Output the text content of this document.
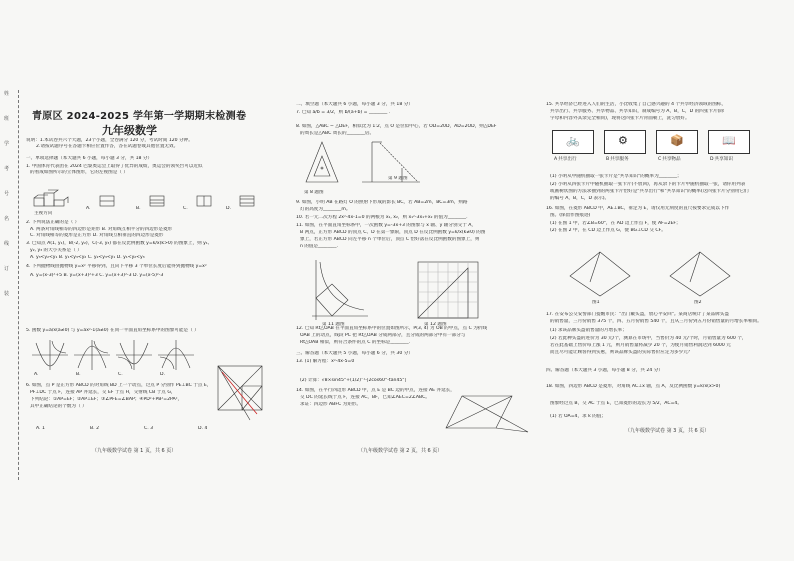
姓
班
学
考
号
名
线
订
装
青原区 2024-2025 学年第一学期期末检测卷
九年级数学
说明：1.本试卷共六个大题，23个小题，全卷满分 120 分，考试时间 120 分钟。
2.请按试题序号在答题卡相应位置作答，答在试题卷或其他位置无效。
一、单项选择题（本大题共 6 小题，每小题 3 分，共 18 分）
1. 中国体育代表团在 2024 巴黎奥运会上取得了优异的成绩，奥运会的领奖台可以近似
的看成如图所示的立体图形，它的左视图是（ ）
2. 下列说法正确的是（ ）
A. 两条对角线相等的四边形是矩形 B. 对角线互相平分的四边形是菱形
C. 对角线相等的菱形是正方形 D. 对角线互相垂直的四边形是菱形
3. 已知点 A(1, y₁)，B(-2, y₂)，C(-3, y₃) 都在反比例函数 y=k/x(k>0) 的图象上，则 y₁,
y₂, y₃ 的大小关系是（ ）
A. y₃<y₂<y₁ B. y₁<y₃<y₂ C. y₂<y₃<y₁ D. y₁<y₂<y₃
4. 下列抛物线由抛物线 y=x² 平移得到，且向下平移 3 个单位长度后能得到抛物线 y=x²
A. y=(x-3)²+5 B. y=(x+3)²+3 C. y=(x+3)²-3 D. y=(x-5)²-3
5. 函数 y=a/x(a≠0) 与 y=ax²-1(a≠0) 在同一平面直角坐标系中的图象可能是（ ）
6. 如图，点 P 是正方形 ABCD 的对角线 BD 上一个动点，过点 P 分别作 PE⊥BC 于点 E，
PF⊥DC 于点 F，连接 AP 并延长，交 EF 于点 H，交射线 CB 于点 G，
下列结论：①AP=EF；②AP⊥EF；③∠PFE=∠BAP；④PD²+PB²=2PA²，
其中正确结论的个数为（ ）
主视方向
A.	B.	C.	D.
A.	B.	C.	D.
A. 1	B. 2	C. 3	D. 4
（九年级数学试卷 第 1 页，共 6 页）
二、填空题（本大题共 6 小题，每小题 3 分，共 18 分）
7. 已知 a/b = 3/2，则 b/(a+b) = ________ .
8. 如图，△ABC ∽ △DEF，相似比为 1:2，点 O 是位似中心，若 OD=20D，AD=2OD，则△DEF
的周长是△ABC 周长的________倍。
9. 如图，小明 AB 在路灯 O 的照射下形成的影长 BC，若 AB=2m，BC=3m，则路
灯的高度为________m。
10. 若一元二次方程 2x²-4x-1=0 的两根为 x₁, x₂，则 x₁²-3x₁+x₂ 的值为________.
11. 如图，在平面直角坐标系中，一次函数 y=-3x+3 的图象与 x 轴、y 轴分别交于 A，
B 两点，正方形 ABCD 的顶点 C、D 在第一象限，顶点 D 在反比例函数 y=k/x(k≠0) 的图
象上，若正方形 ABCD 向左平移 n 个单位后，顶点 C 恰好落在反比例函数的图象上，则
n 的值是________.
12. 已知 Rt△OAB 在平面直角坐标系中的位置如图所示，P(3, 4) 为 OB 的中点，点 C 为折线
OAB 上的动点，线段 PC 把 Rt△OAB 分成两部分，且分成的两部分中有一部分与
Rt△OAB 相似，则符合条件的点 C 的坐标是________.
三、解答题（本大题共 5 小题，每小题 6 分，共 30 分）
13. (1) 解方程：x²-4x-5=0
(2) 计算：√8×sin45°+(1/2)⁻¹-|2cos60°-tan45°|
14. 如图，在平行四边形 ABCD 中，点 E 是 BC 边的中点，连接 AE 并延长，
交 DC 的延长线于点 F，连接 AC，BF，已知∠AEC=2∠ABC。
求证：四边形 ABFC 为矩形。
第 8 题图
第 9 题图
第 11 题图	第 12 题图
（九年级数学试卷 第 2 页，共 6 页）
15. 共享经济已经进入人们的生活，小比收集了自己感兴趣的 4 个共享经济领域的图标，
共享出行、共享服务、共享物品、共享知识，制成编号为 A，B，C，D 的四张卡片(除
字母和内容外其余完全相同)，现将这四张卡片背面朝上，洗匀放好。
(1) 小明从中随机抽取一张卡片是"共享知识"的概率为________；
(2) 小明从四张卡片中随机抽取一张卡片(不放回)，再从余下的卡片中随机抽取一张，请你用列表
或画树状图的方法求抽到的两张卡片恰好是"共享出行"和"共享知识"的概率(这四张卡片分别用它们
的编号 A，B，C，D 表示)。
16. 如图，在菱形 ABCD 中，AE⊥BC，垂足为 E，请仅用无刻度的直尺按要求完成以下作
图。(保留作图痕迹)
(1) 在图 1 中，若∠B=60°，在 AD 边上作点 F，使 AF=2EF；
(2) 在图 2 中，在 CD 边上作点 G，使 BG⊥CD 交 CF。
17. 在安布公交安警部门提醒市民："出门戴头盔，放心平安回"。某商店统计了某品牌头盔
的销售量，三月份销售 375 个，四、五月份销售 540 个，且从三月份到五月份销售量的月增长率相同。
(1) 求该品牌头盔销售量的月增长率；
(2) 若此种头盔的进价为 30 元/个，测算在市场中，当售价为 40 元/个时，月销售量为 600 个，
若在此基础上售价每上涨 1 元，则月销售量将减少 20 个，为使月销售利润达到 6000 元
而且尽可能让顾客得到实惠，则该品牌头盔的实际售价应定为多少元？
四、解答题（本大题共 3 小题，每小题 8 分，共 24 分）
18. 如图，四边形 ABCD 是菱形，对角线 AC⊥x 轴，点 A，反比例函数 y=k/x(x>0)
图象经过点 B，交 AC 于点 E，已知菱形的边长为 5/2，AC=4。
(1) 若 OA=4，求 k 的值；
🚲
A共享出行
⚙
B共享服务
📦
C共享物品
📖
D共享知识
图1	图2
（九年级数学试卷 第 3 页，共 6 页）
